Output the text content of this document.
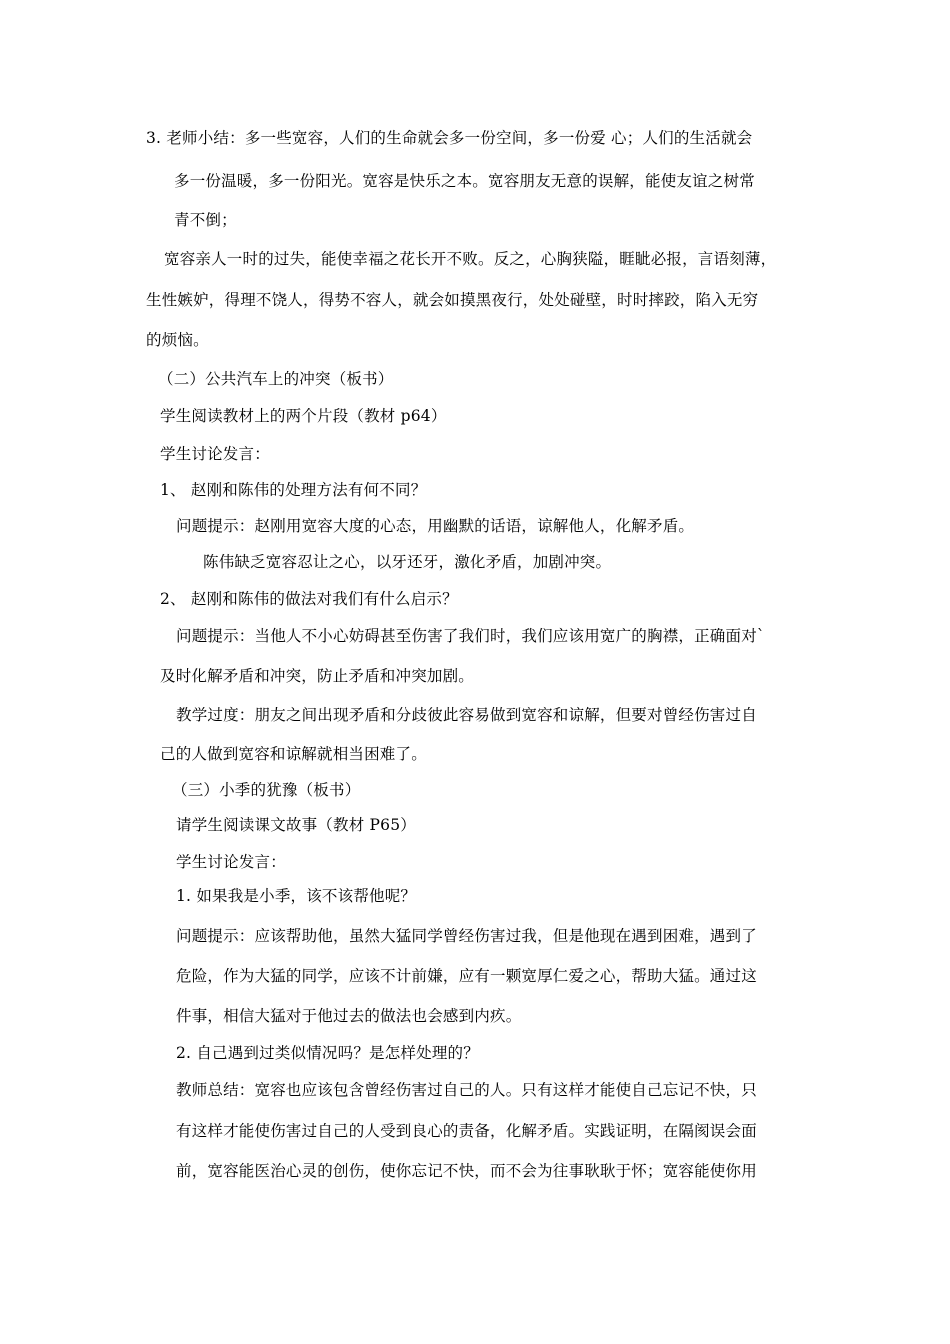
3. 老师小结：多一些宽容，人们的生命就会多一份空间，多一份爱 心；人们的生活就会
多一份温暖，多一份阳光。宽容是快乐之本。宽容朋友无意的误解，能使友谊之树常
青不倒；
宽容亲人一时的过失，能使幸福之花长开不败。反之，心胸狭隘，睚眦必报，言语刻薄，
生性嫉妒，得理不饶人，得势不容人，就会如摸黑夜行，处处碰壁，时时摔跤，陷入无穷
的烦恼。
（二）公共汽车上的冲突（板书）
学生阅读教材上的两个片段（教材 p64）
学生讨论发言：
1、 赵刚和陈伟的处理方法有何不同？
问题提示：赵刚用宽容大度的心态，用幽默的话语，谅解他人，化解矛盾。
陈伟缺乏宽容忍让之心，以牙还牙，激化矛盾，加剧冲突。
2、 赵刚和陈伟的做法对我们有什么启示？
问题提示：当他人不小心妨碍甚至伤害了我们时，我们应该用宽广的胸襟，正确面对`
及时化解矛盾和冲突，防止矛盾和冲突加剧。
教学过度：朋友之间出现矛盾和分歧彼此容易做到宽容和谅解，但要对曾经伤害过自
己的人做到宽容和谅解就相当困难了。
（三）小季的犹豫（板书）
请学生阅读课文故事（教材 P65）
学生讨论发言：
1. 如果我是小季，该不该帮他呢？
问题提示：应该帮助他，虽然大猛同学曾经伤害过我，但是他现在遇到困难，遇到了
危险，作为大猛的同学，应该不计前嫌，应有一颗宽厚仁爱之心，帮助大猛。通过这
件事，相信大猛对于他过去的做法也会感到内疚。
2. 自己遇到过类似情况吗？是怎样处理的？
教师总结：宽容也应该包含曾经伤害过自己的人。只有这样才能使自己忘记不快，只
有这样才能使伤害过自己的人受到良心的责备，化解矛盾。实践证明，在隔阂误会面
前，宽容能医治心灵的创伤，使你忘记不快，而不会为往事耿耿于怀；宽容能使你用
